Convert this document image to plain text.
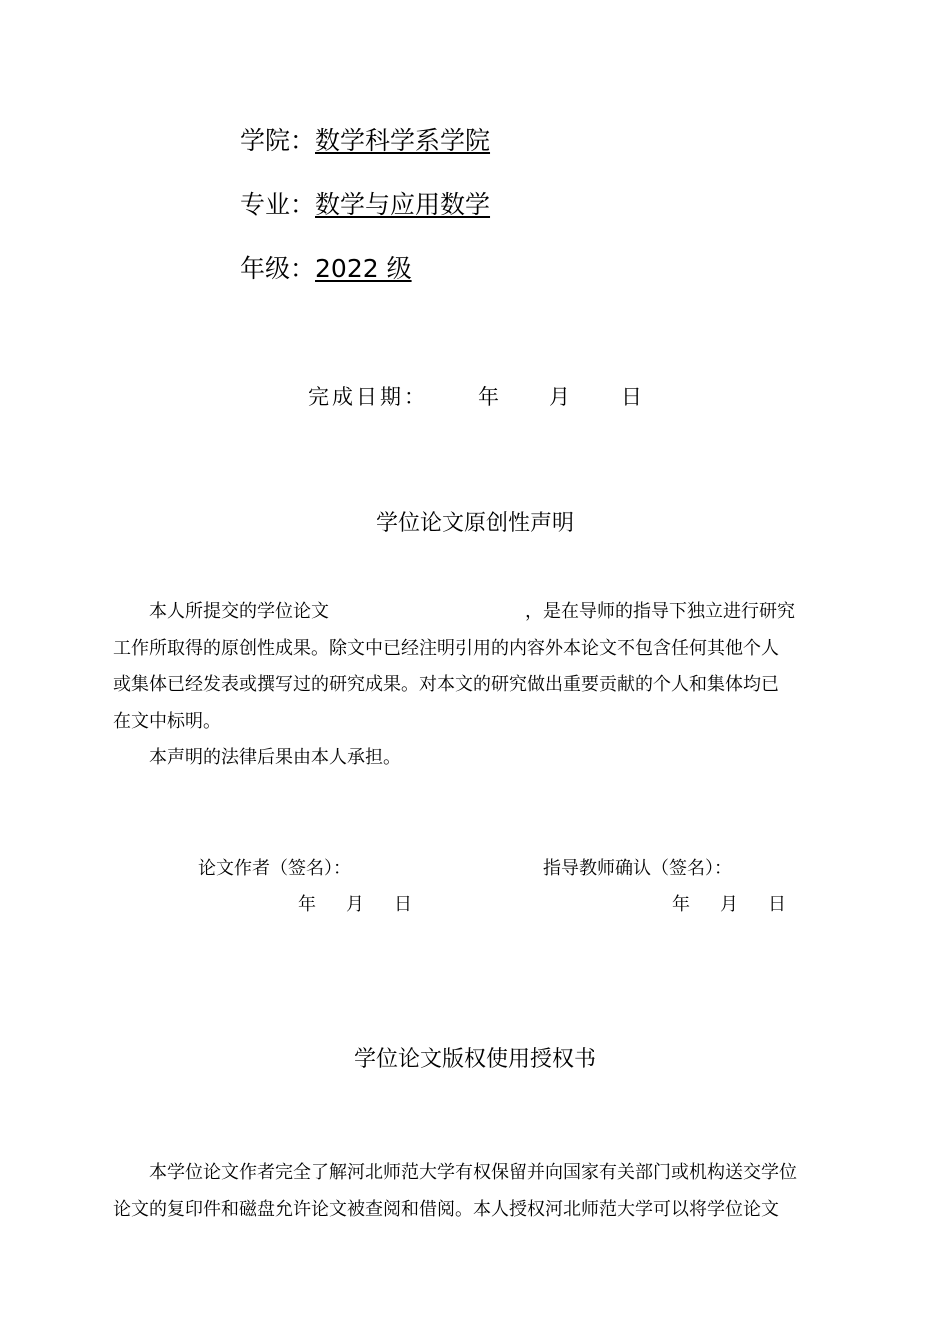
学院：数学科学系学院
专业：数学与应用数学
年级：2022 级
完成日期： 年 月 日
学位论文原创性声明

本人所提交的学位论文	，是在导师的指导下独立进行研究

工作所取得的原创性成果。除文中已经注明引用的内容外本论文不包含任何其他个人

或集体已经发表或撰写过的研究成果。对本文的研究做出重要贡献的个人和集体均已

在文中标明。

本声明的法律后果由本人承担。

论文作者（签名）：	指导教师确认（签名）：
年 月 日	年 月 日
学位论文版权使用授权书

本学位论文作者完全了解河北师范大学有权保留并向国家有关部门或机构送交学位

论文的复印件和磁盘允许论文被查阅和借阅。本人授权河北师范大学可以将学位论文
